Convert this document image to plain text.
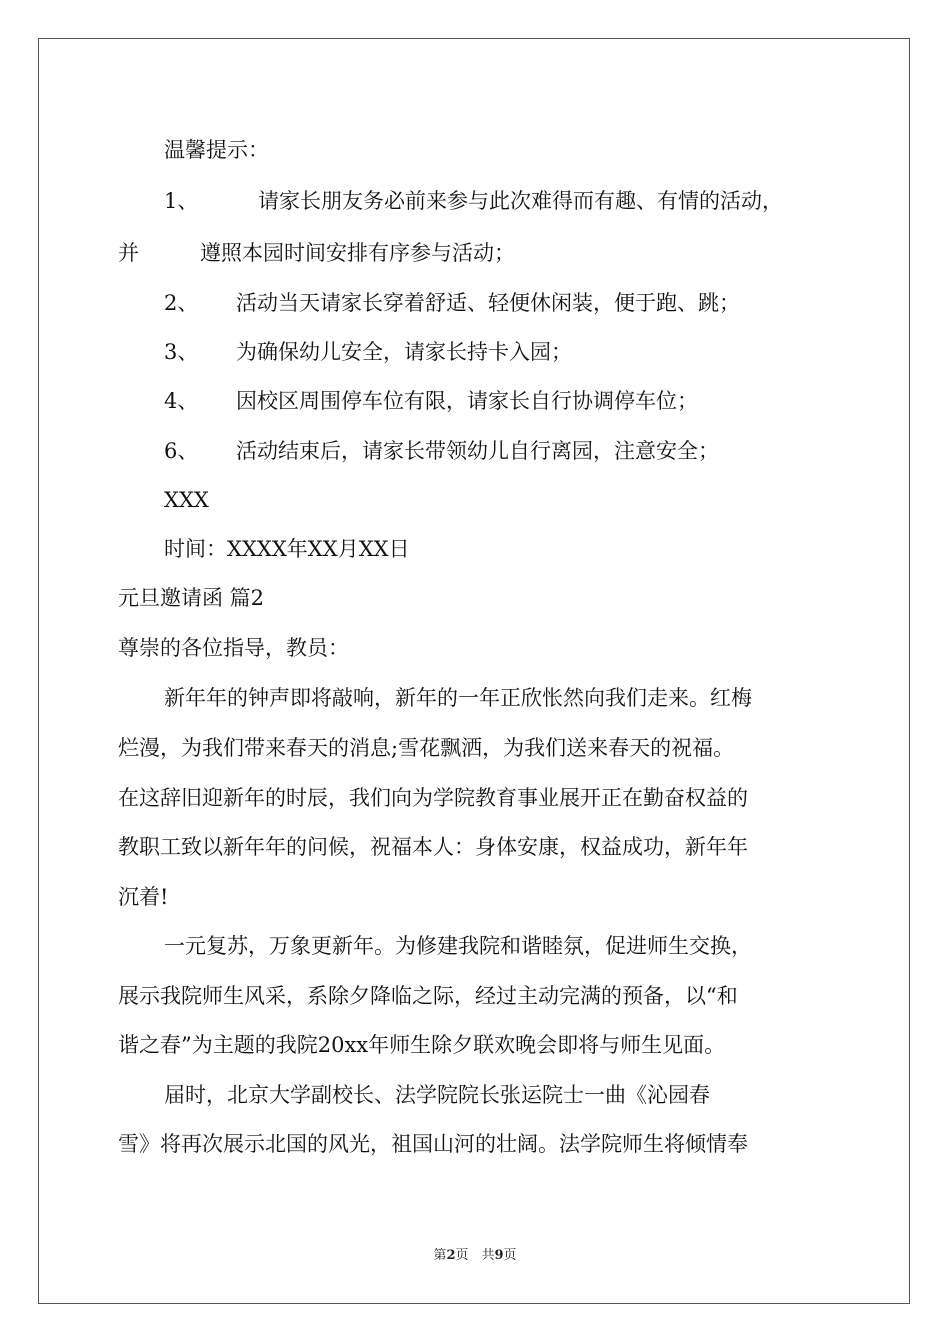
温馨提示：
1、	请家长朋友务必前来参与此次难得而有趣、有情的活动，
并	遵照本园时间安排有序参与活动；
2、 活动当天请家长穿着舒适、轻便休闲装，便于跑、跳；
3、 为确保幼儿安全，请家长持卡入园；
4、 因校区周围停车位有限，请家长自行协调停车位；
6、 活动结束后，请家长带领幼儿自行离园，注意安全；
XXX
时间：XXXX年XX月XX日
元旦邀请函 篇2
尊崇的各位指导，教员：
新年年的钟声即将敲响，新年的一年正欣怅然向我们走来。红梅
烂漫，为我们带来春天的消息;雪花飘洒，为我们送来春天的祝福。
在这辞旧迎新年的时辰，我们向为学院教育事业展开正在勤奋权益的
教职工致以新年年的问候，祝福本人：身体安康，权益成功，新年年
沉着!
一元复苏，万象更新年。为修建我院和谐睦氛，促进师生交换，
展示我院师生风采，系除夕降临之际，经过主动完满的预备，以“和
谐之春”为主题的我院20xx年师生除夕联欢晚会即将与师生见面。
届时，北京大学副校长、法学院院长张运院士一曲《沁园春
雪》将再次展示北国的风光，祖国山河的壮阔。法学院师生将倾情奉
第2页　共9页
